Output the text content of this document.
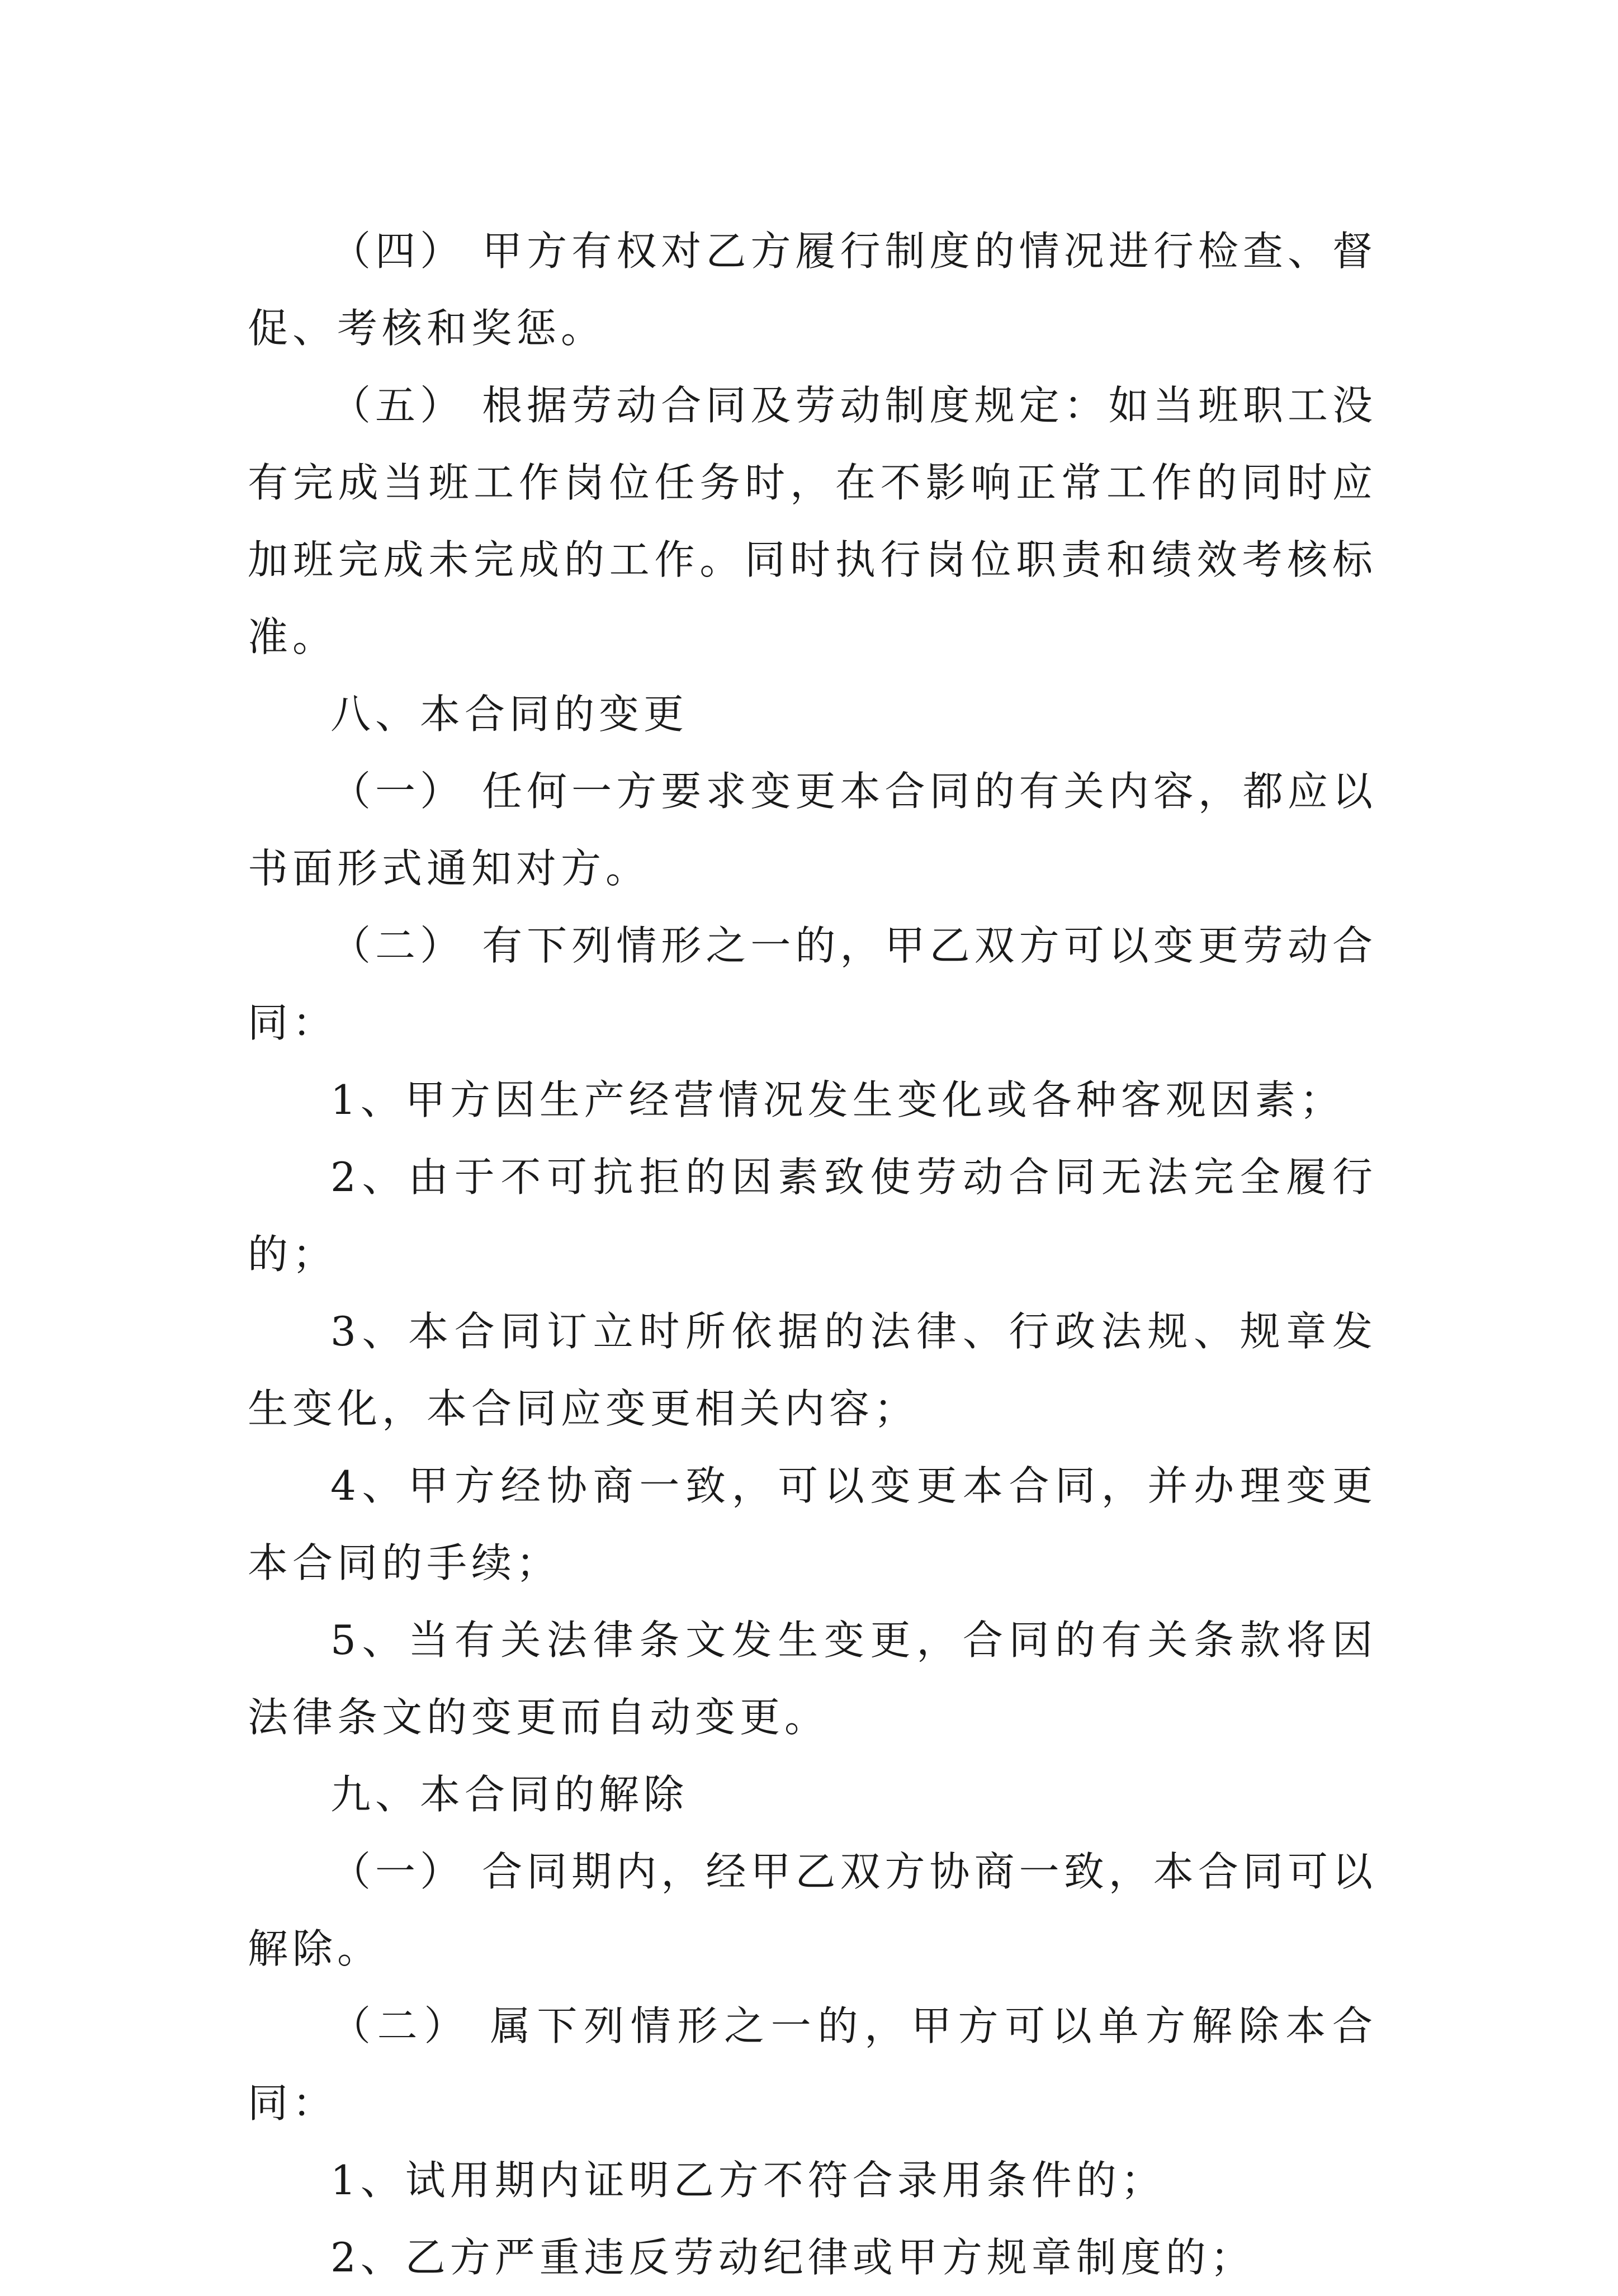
（四） 甲方有权对乙方履行制度的情况进行检查、督促、考核和奖惩。

（五） 根据劳动合同及劳动制度规定：如当班职工没有完成当班工作岗位任务时，在不影响正常工作的同时应加班完成未完成的工作。同时执行岗位职责和绩效考核标准。

八、本合同的变更

（一） 任何一方要求变更本合同的有关内容，都应以书面形式通知对方。

（二） 有下列情形之一的，甲乙双方可以变更劳动合同：

1、甲方因生产经营情况发生变化或各种客观因素；

2、由于不可抗拒的因素致使劳动合同无法完全履行的；

3、本合同订立时所依据的法律、行政法规、规章发生变化，本合同应变更相关内容；

4、甲方经协商一致，可以变更本合同，并办理变更本合同的手续；

5、当有关法律条文发生变更，合同的有关条款将因法律条文的变更而自动变更。

九、本合同的解除

（一） 合同期内，经甲乙双方协商一致，本合同可以解除。

（二） 属下列情形之一的，甲方可以单方解除本合同：

1、试用期内证明乙方不符合录用条件的；

2、乙方严重违反劳动纪律或甲方规章制度的；
